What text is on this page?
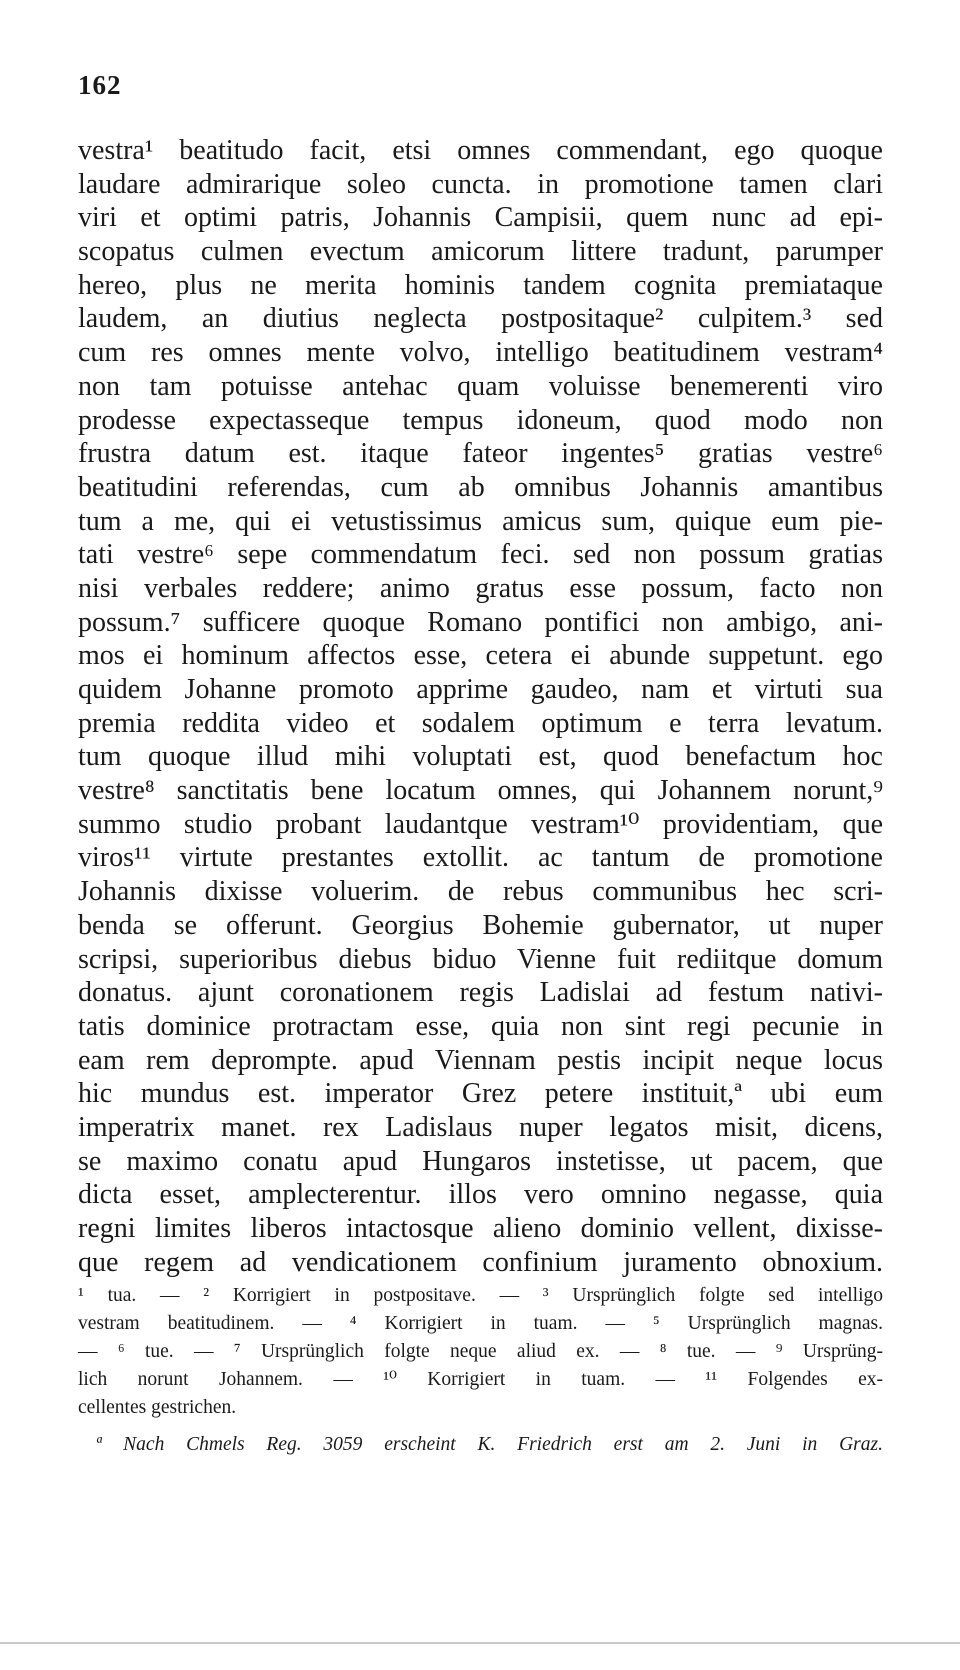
162
vestra¹ beatitudo facit, etsi omnes commendant, ego quoque
laudare admirarique soleo cuncta. in promotione tamen clari
viri et optimi patris, Johannis Campisii, quem nunc ad epi-
scopatus culmen evectum amicorum littere tradunt, parumper
hereo, plus ne merita hominis tandem cognita premiataque
laudem, an diutius neglecta postpositaque² culpitem.³ sed
cum res omnes mente volvo, intelligo beatitudinem vestram⁴
non tam potuisse antehac quam voluisse benemerenti viro
prodesse expectasseque tempus idoneum, quod modo non
frustra datum est. itaque fateor ingentes⁵ gratias vestre⁶
beatitudini referendas, cum ab omnibus Johannis amantibus
tum a me, qui ei vetustissimus amicus sum, quique eum pie-
tati vestre⁶ sepe commendatum feci. sed non possum gratias
nisi verbales reddere; animo gratus esse possum, facto non
possum.⁷ sufficere quoque Romano pontifici non ambigo, ani-
mos ei hominum affectos esse, cetera ei abunde suppetunt. ego
quidem Johanne promoto apprime gaudeo, nam et virtuti sua
premia reddita video et sodalem optimum e terra levatum.
tum quoque illud mihi voluptati est, quod benefactum hoc
vestre⁸ sanctitatis bene locatum omnes, qui Johannem norunt,⁹
summo studio probant laudantque vestram¹⁰ providentiam, que
viros¹¹ virtute prestantes extollit. ac tantum de promotione
Johannis dixisse voluerim. de rebus communibus hec scri-
benda se offerunt. Georgius Bohemie gubernator, ut nuper
scripsi, superioribus diebus biduo Vienne fuit rediitque domum
donatus. ajunt coronationem regis Ladislai ad festum nativi-
tatis dominice protractam esse, quia non sint regi pecunie in
eam rem deprompte. apud Viennam pestis incipit neque locus
hic mundus est. imperator Grez petere instituit,ª ubi eum
imperatrix manet. rex Ladislaus nuper legatos misit, dicens,
se maximo conatu apud Hungaros instetisse, ut pacem, que
dicta esset, amplecterentur. illos vero omnino negasse, quia
regni limites liberos intactosque alieno dominio vellent, dixisse-
que regem ad vendicationem confinium juramento obnoxium.
¹ tua. — ² Korrigiert in postpositave. — ³ Ursprünglich folgte sed intelligo
vestram beatitudinem. — ⁴ Korrigiert in tuam. — ⁵ Ursprünglich magnas.
— ⁶ tue. — ⁷ Ursprünglich folgte neque aliud ex. — ⁸ tue. — ⁹ Ursprüng-
lich norunt Johannem. — ¹⁰ Korrigiert in tuam. — ¹¹ Folgendes ex-
cellentes gestrichen.
ª Nach Chmels Reg. 3059 erscheint K. Friedrich erst am 2. Juni in Graz.
